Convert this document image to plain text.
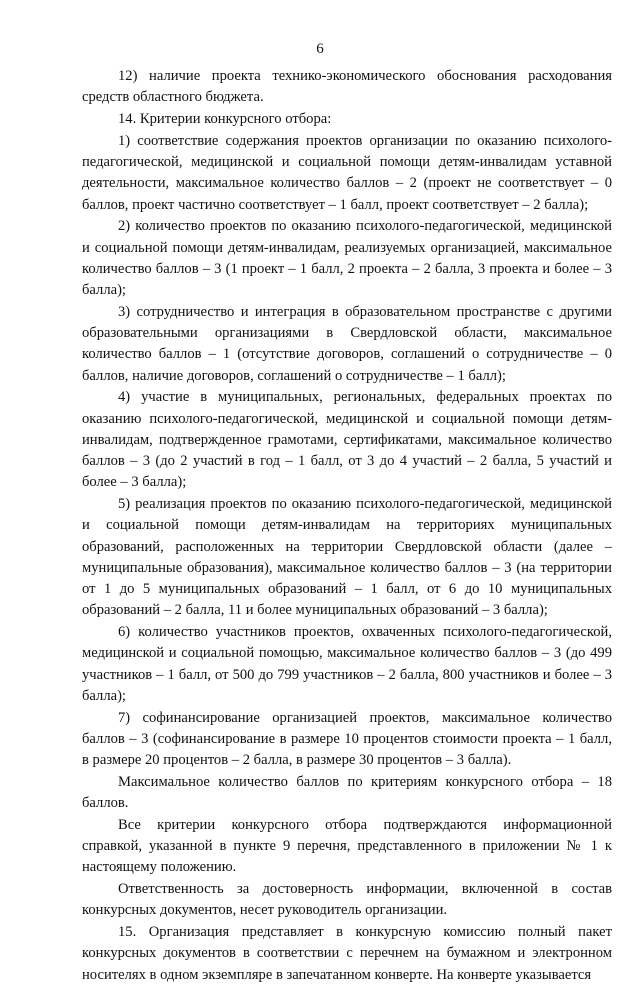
6

12) наличие проекта технико-экономического обоснования расходования средств областного бюджета.

14. Критерии конкурсного отбора:

1) соответствие содержания проектов организации по оказанию психолого-педагогической, медицинской и социальной помощи детям-инвалидам уставной деятельности, максимальное количество баллов – 2 (проект не соответствует – 0 баллов, проект частично соответствует – 1 балл, проект соответствует – 2 балла);

2) количество проектов по оказанию психолого-педагогической, медицинской и социальной помощи детям-инвалидам, реализуемых организацией, максимальное количество баллов – 3 (1 проект – 1 балл, 2 проекта – 2 балла, 3 проекта и более – 3 балла);

3) сотрудничество и интеграция в образовательном пространстве с другими образовательными организациями в Свердловской области, максимальное количество баллов – 1 (отсутствие договоров, соглашений о сотрудничестве – 0 баллов, наличие договоров, соглашений о сотрудничестве – 1 балл);

4) участие в муниципальных, региональных, федеральных проектах по оказанию психолого-педагогической, медицинской и социальной помощи детям-инвалидам, подтвержденное грамотами, сертификатами, максимальное количество баллов – 3 (до 2 участий в год – 1 балл, от 3 до 4 участий – 2 балла, 5 участий и более – 3 балла);

5) реализация проектов по оказанию психолого-педагогической, медицинской и социальной помощи детям-инвалидам на территориях муниципальных образований, расположенных на территории Свердловской области (далее – муниципальные образования), максимальное количество баллов – 3 (на территории от 1 до 5 муниципальных образований – 1 балл, от 6 до 10 муниципальных образований – 2 балла, 11 и более муниципальных образований – 3 балла);

6) количество участников проектов, охваченных психолого-педагогической, медицинской и социальной помощью, максимальное количество баллов – 3 (до 499 участников – 1 балл, от 500 до 799 участников – 2 балла, 800 участников и более – 3 балла);

7) софинансирование организацией проектов, максимальное количество баллов – 3 (софинансирование в размере 10 процентов стоимости проекта – 1 балл, в размере 20 процентов – 2 балла, в размере 30 процентов – 3 балла).

Максимальное количество баллов по критериям конкурсного отбора – 18 баллов.

Все критерии конкурсного отбора подтверждаются информационной справкой, указанной в пункте 9 перечня, представленного в приложении № 1 к настоящему положению.

Ответственность за достоверность информации, включенной в состав конкурсных документов, несет руководитель организации.

15. Организация представляет в конкурсную комиссию полный пакет конкурсных документов в соответствии с перечнем на бумажном и электронном носителях в одном экземпляре в запечатанном конверте. На конверте указывается
